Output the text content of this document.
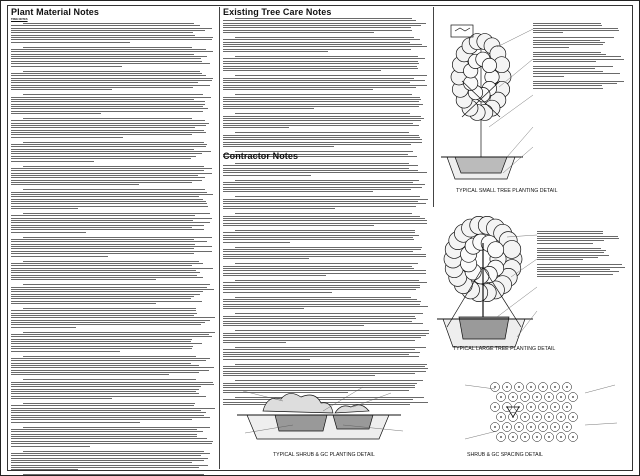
Plant Material Notes
TREE NOTES
Existing Tree Care Notes
Contractor Notes
TYPICAL SMALL TREE PLANTING DETAIL
TYPICAL LARGE TREE PLANTING DETAIL
TYPICAL SHRUB & GC PLANTING DETAIL	SHRUB & GC SPACING DETAIL
